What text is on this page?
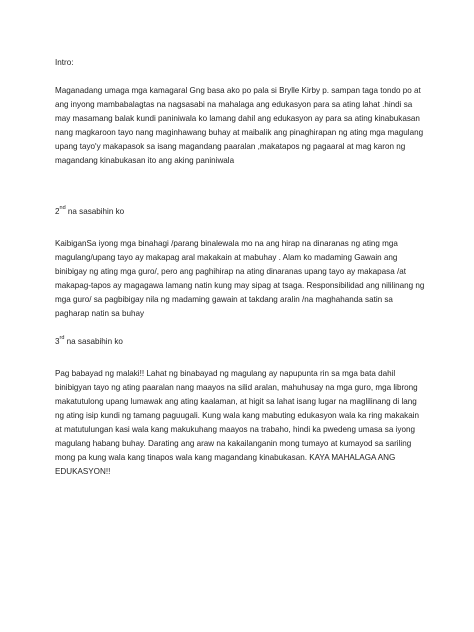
Intro:

Maganadang umaga mga kamagaral Gng basa ako po pala si Brylle Kirby p. sampan taga tondo po at ang inyong mambabalagtas na nagsasabi na mahalaga ang edukasyon para sa ating lahat .hindi sa may masamang balak kundi paniniwala ko lamang dahil ang edukasyon ay para sa ating kinabukasan nang magkaroon tayo nang maginhawang buhay at maibalik ang pinaghirapan ng ating mga magulang upang tayo'y makapasok sa isang magandang paaralan ,makatapos ng pagaaral at mag karon ng magandang kinabukasan ito ang aking paniniwala

2nd na sasabihin ko

KaibiganSa iyong mga binahagi /parang binalewala mo na ang hirap na dinaranas ng ating mga magulang/upang tayo ay makapag aral makakain at mabuhay . Alam ko madaming Gawain ang binibigay ng ating mga guro/, pero ang paghihirap na ating dinaranas upang tayo ay makapasa /at makapag-tapos ay magagawa lamang natin kung may sipag at tsaga. Responsibilidad ang nililinang ng mga guro/ sa pagbibigay nila ng madaming gawain at takdang aralin /na maghahanda satin sa pagharap natin sa buhay

3rd na sasabihin ko

Pag babayad ng malaki!! Lahat ng binabayad ng magulang ay napupunta rin sa mga bata dahil binibigyan tayo ng ating paaralan nang maayos na silid aralan, mahuhusay na mga guro, mga librong makatutulong upang lumawak ang ating kaalaman, at higit sa lahat isang lugar na maglilinang di lang ng ating isip kundi ng tamang paguugali. Kung wala kang mabuting edukasyon wala ka ring makakain at matutulungan kasi wala kang makukuhang maayos na trabaho, hindi ka pwedeng umasa sa iyong magulang habang buhay. Darating ang araw na kakailanganin mong tumayo at kumayod sa sariling mong pa kung wala kang tinapos wala kang magandang kinabukasan. KAYA MAHALAGA ANG EDUKASYON!!
